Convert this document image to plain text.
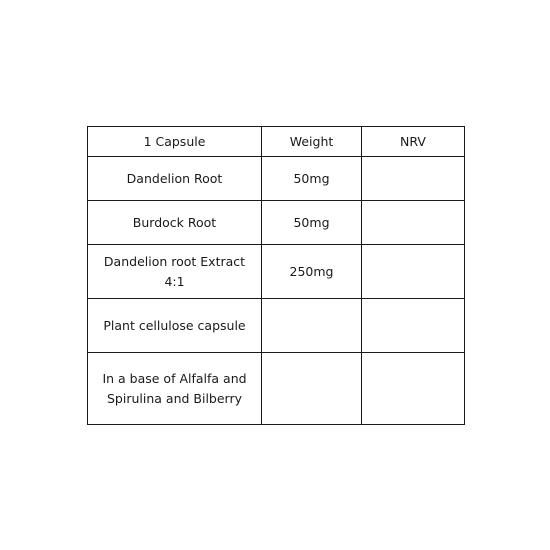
1 Capsule	Weight	NRV
Dandelion Root	50mg	
Burdock Root	50mg	
Dandelion root Extract 4:1	250mg	
Plant cellulose capsule		
In a base of Alfalfa and Spirulina and Bilberry		
